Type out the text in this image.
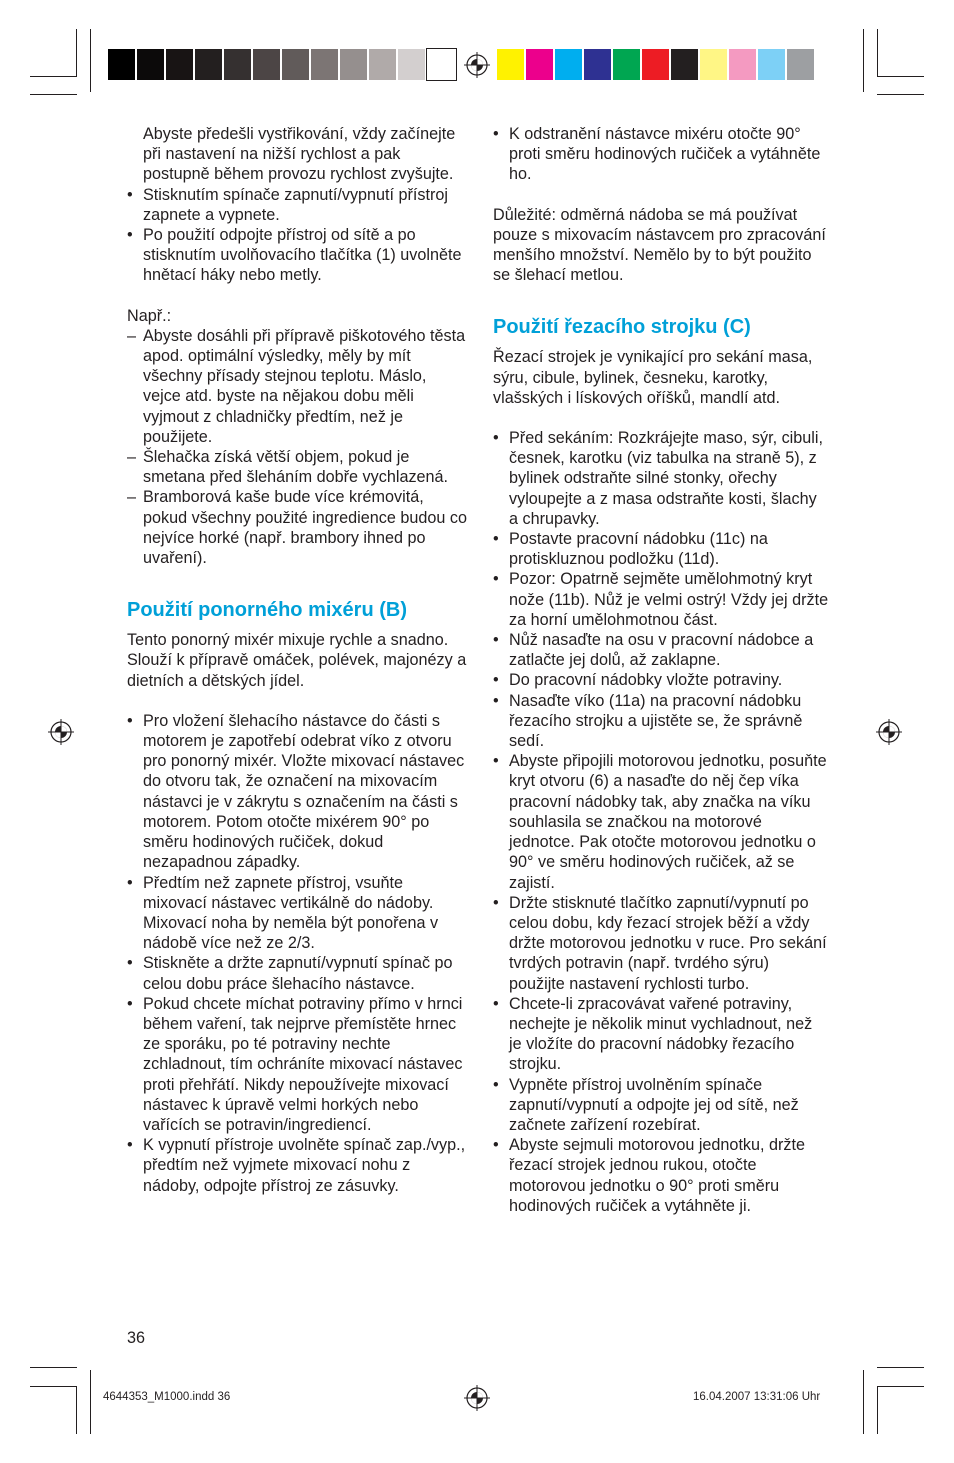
Abyste předešli vystřikování, vždy začínejte při nastavení na nižší rychlost a pak postupně během provozu rychlost zvyšujte.

• Stisknutím spínače zapnutí/vypnutí přístroj zapnete a vypnete.
• Po použití odpojte přístroj od sítě a po stisknutím uvolňovacího tlačítka (1) uvolněte hnětací háky nebo metly.

Např.:

– Abyste dosáhli při přípravě piškotového těsta apod. optimální výsledky, měly by mít všechny přísady stejnou teplotu. Máslo, vejce atd. byste na nějakou dobu měli vyjmout z chladničky předtím, než je použijete.
– Šlehačka získá větší objem, pokud je smetana před šleháním dobře vychlazená.
– Bramborová kaše bude více krémovitá, pokud všechny použité ingredience budou co nejvíce horké (např. brambory ihned po uvaření).
Použití ponorného mixéru (B)

Tento ponorný mixér mixuje rychle a snadno. Slouží k přípravě omáček, polévek, majonézy a dietních a dětských jídel.

• Pro vložení šlehacího nástavce do části s motorem je zapotřebí odebrat víko z otvoru pro ponorný mixér. Vložte mixovací nástavec do otvoru tak, že označení na mixovacím nástavci je v zákrytu s označením na části s motorem. Potom otočte mixérem 90° po směru hodinových ručiček, dokud nezapadnou západky.
• Předtím než zapnete přístroj, vsuňte mixovací nástavec vertikálně do nádoby. Mixovací noha by neměla být ponořena v nádobě více než ze 2/3.
• Stiskněte a držte zapnutí/vypnutí spínač po celou dobu práce šlehacího nástavce.
• Pokud chcete míchat potraviny přímo v hrnci během vaření, tak nejprve přemístěte hrnec ze sporáku, po té potraviny nechte zchladnout, tím ochráníte mixovací nástavec proti přehřátí. Nikdy nepoužívejte mixovací nástavec k úpravě velmi horkých nebo vařících se potravin/ingrediencí.
• K vypnutí přístroje uvolněte spínač zap./vyp., předtím než vyjmete mixovací nohu z nádoby, odpojte přístroj ze zásuvky.
• K odstranění nástavce mixéru otočte 90° proti směru hodinových ručiček a vytáhněte ho.

Důležité: odměrná nádoba se má používat pouze s mixovacím nástavcem pro zpracování menšího množství. Nemělo by to být použito se šlehací metlou.

Použití řezacího strojku (C)

Řezací strojek je vynikající pro sekání masa, sýru, cibule, bylinek, česneku, karotky, vlašských i lískových oříšků, mandlí atd.

• Před sekáním: Rozkrájejte maso, sýr, cibuli, česnek, karotku (viz tabulka na straně 5), z bylinek odstraňte silné stonky, ořechy vyloupejte a z masa odstraňte kosti, šlachy a chrupavky.
• Postavte pracovní nádobku (11c) na protiskluznou podložku (11d).
• Pozor: Opatrně sejměte umělohmotný kryt nože (11b). Nůž je velmi ostrý! Vždy jej držte za horní umělohmotnou část.
• Nůž nasaďte na osu v pracovní nádobce a zatlačte jej dolů, až zaklapne.
• Do pracovní nádobky vložte potraviny.
• Nasaďte víko (11a) na pracovní nádobku řezacího strojku a ujistěte se, že správně sedí.
• Abyste připojili motorovou jednotku, posuňte kryt otvoru (6) a nasaďte do něj čep víka pracovní nádobky tak, aby značka na víku souhlasila se značkou na motorové jednotce. Pak otočte motorovou jednotku o 90° ve směru hodinových ručiček, až se zajistí.
• Držte stisknuté tlačítko zapnutí/vypnutí po celou dobu, kdy řezací strojek běží a vždy držte motorovou jednotku v ruce. Pro sekání tvrdých potravin (např. tvrdého sýru) použijte nastavení rychlosti turbo.
• Chcete-li zpracovávat vařené potraviny, nechejte je několik minut vychladnout, než je vložíte do pracovní nádobky řezacího strojku.
• Vypněte přístroj uvolněním spínače zapnutí/vypnutí a odpojte jej od sítě, než začnete zařízení rozebírat.
• Abyste sejmuli motorovou jednotku, držte řezací strojek jednou rukou, otočte motorovou jednotku o 90° proti směru hodinových ručiček a vytáhněte ji.
36
4644353_M1000.indd 36	16.04.2007 13:31:06 Uhr
